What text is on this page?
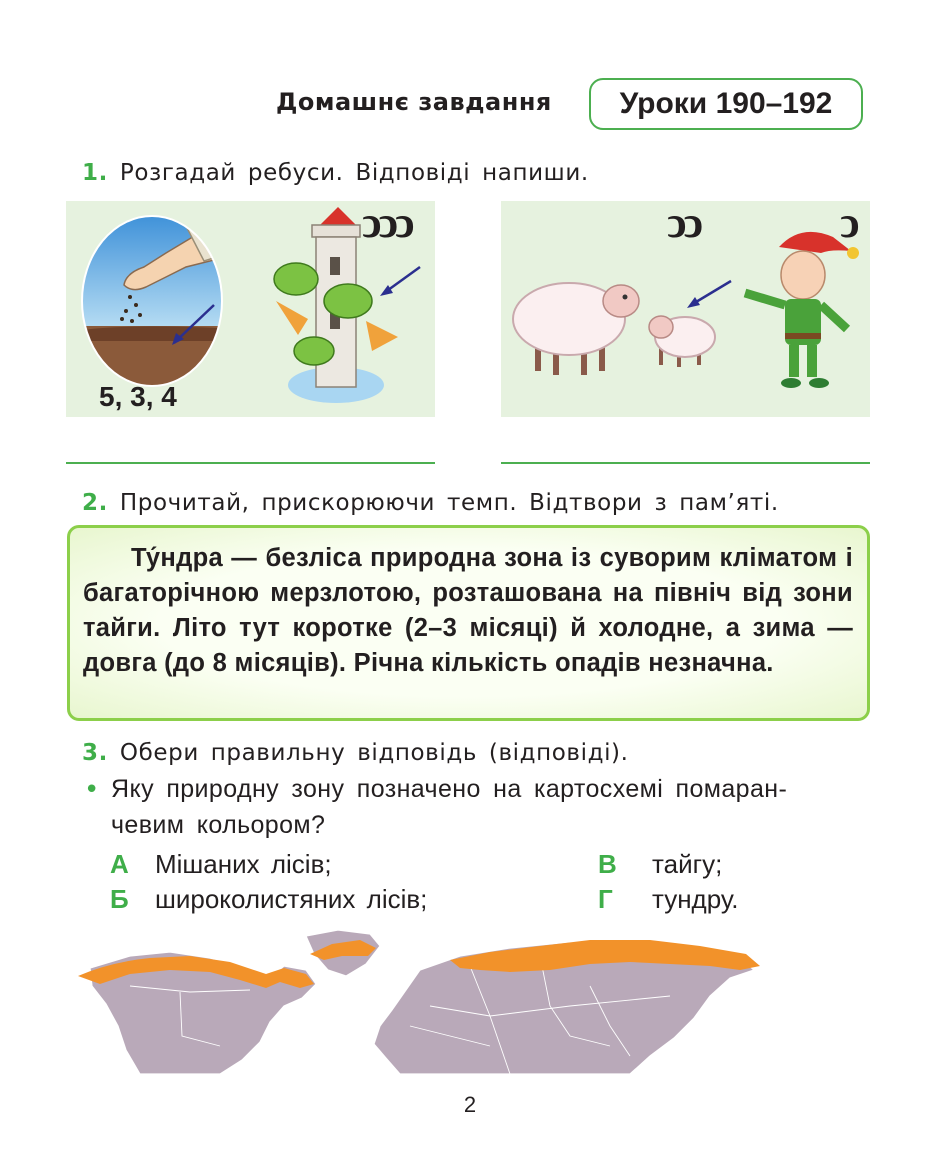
Домашнє завдання	Уроки 190–192
1. Розгадай ребуси. Відповіді напиши.
ͻͻͻ
5, 3, 4
ͻͻ	ͻ
2. Прочитай, прискорюючи темп. Відтвори з пам’яті.
Ту́ндра — безліса природна зона із суворим кліматом і багаторічною мерзлотою, розташована на північ від зони тайги. Літо тут коротке (2–3 місяці) й холодне, а зима — довга (до 8 місяців). Річна кількість опадів незначна.
3. Обери правильну відповідь (відповіді).
• Яку природну зону позначено на картосхемі помаран-
чевим кольором?
А Мішаних лісів;
Б широколистяних лісів;
В тайгу;
Г тундру.
2
